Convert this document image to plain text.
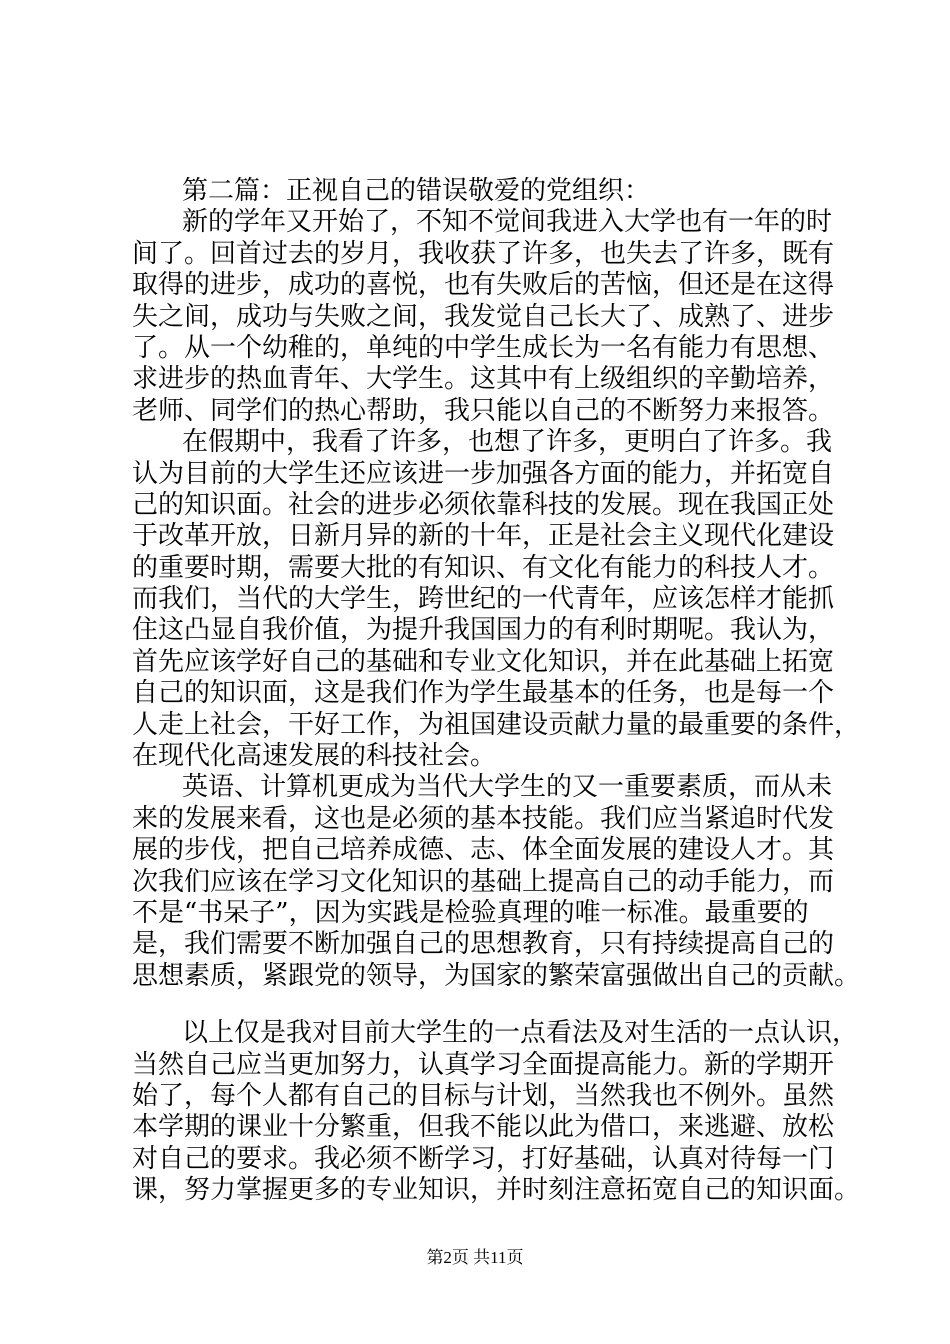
第二篇：正视自己的错误敬爱的党组织：
新的学年又开始了，不知不觉间我进入大学也有一年的时
间了。回首过去的岁月，我收获了许多，也失去了许多，既有
取得的进步，成功的喜悦，也有失败后的苦恼，但还是在这得
失之间，成功与失败之间，我发觉自己长大了、成熟了、进步
了。从一个幼稚的，单纯的中学生成长为一名有能力有思想、
求进步的热血青年、大学生。这其中有上级组织的辛勤培养，
老师、同学们的热心帮助，我只能以自己的不断努力来报答。
在假期中，我看了许多，也想了许多，更明白了许多。我
认为目前的大学生还应该进一步加强各方面的能力，并拓宽自
己的知识面。社会的进步必须依靠科技的发展。现在我国正处
于改革开放，日新月异的新的十年，正是社会主义现代化建设
的重要时期，需要大批的有知识、有文化有能力的科技人才。
而我们，当代的大学生，跨世纪的一代青年，应该怎样才能抓
住这凸显自我价值，为提升我国国力的有利时期呢。我认为，
首先应该学好自己的基础和专业文化知识，并在此基础上拓宽
自己的知识面，这是我们作为学生最基本的任务，也是每一个
人走上社会，干好工作，为祖国建设贡献力量的最重要的条件，
在现代化高速发展的科技社会。
英语、计算机更成为当代大学生的又一重要素质，而从未
来的发展来看，这也是必须的基本技能。我们应当紧追时代发
展的步伐，把自己培养成德、志、体全面发展的建设人才。其
次我们应该在学习文化知识的基础上提高自己的动手能力，而
不是“书呆子”，因为实践是检验真理的唯一标准。最重要的
是，我们需要不断加强自己的思想教育，只有持续提高自己的
思想素质，紧跟党的领导，为国家的繁荣富强做出自己的贡献。
以上仅是我对目前大学生的一点看法及对生活的一点认识，
当然自己应当更加努力，认真学习全面提高能力。新的学期开
始了，每个人都有自己的目标与计划，当然我也不例外。虽然
本学期的课业十分繁重，但我不能以此为借口，来逃避、放松
对自己的要求。我必须不断学习，打好基础，认真对待每一门
课，努力掌握更多的专业知识，并时刻注意拓宽自己的知识面。
第2页 共11页
